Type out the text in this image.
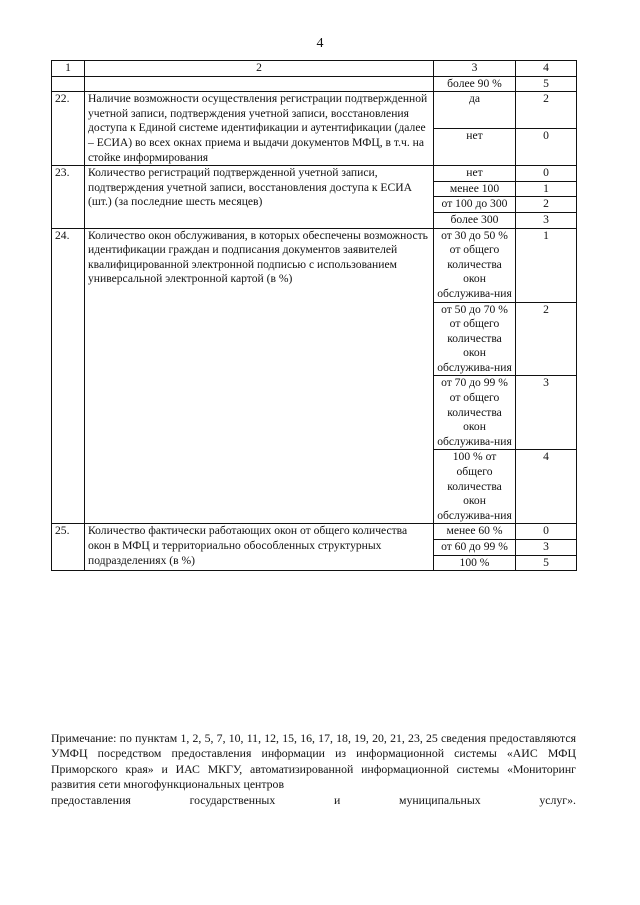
4
1	2	3	4
		более 90 %	5
22.	Наличие возможности осуществления регистрации подтвержденной учетной записи, подтверждения учетной записи, восстановления доступа к Единой системе идентификации и аутентификации (далее – ЕСИА) во всех окнах приема и выдачи документов МФЦ, в т.ч. на стойке информирования	да	2
		нет	0
23.	Количество регистраций подтвержденной учетной записи, подтверждения учетной записи, восстановления доступа к ЕСИА (шт.) (за последние шесть месяцев)	нет	0
		менее 100	1
		от 100 до 300	2
		более 300	3
24.	Количество окон обслуживания, в которых обеспечены возможность идентификации граждан и подписания документов заявителей квалифицированной электронной подписью с использованием универсальной электронной картой (в %)	от 30 до 50 % от общего количества окон обслужива-ния	1
		от 50 до 70 % от общего количества окон обслужива-ния	2
		от 70 до 99 % от общего количества окон обслужива-ния	3
		100 % от общего количества окон обслужива-ния	4
25.	Количество фактически работающих окон от общего количества окон в МФЦ и территориально обособленных структурных подразделениях (в %)	менее 60 %	0
		от 60 до 99 %	3
		100 %	5
Примечание: по пунктам 1, 2, 5, 7, 10, 11, 12, 15, 16, 17, 18, 19, 20, 21, 23, 25 сведения предоставляются УМФЦ посредством предоставления информации из информационной системы «АИС МФЦ Приморского края» и ИАС МКГУ, автоматизированной информационной системы «Мониторинг развития сети многофункциональных центров
предоставления государственных и муниципальных услуг».
